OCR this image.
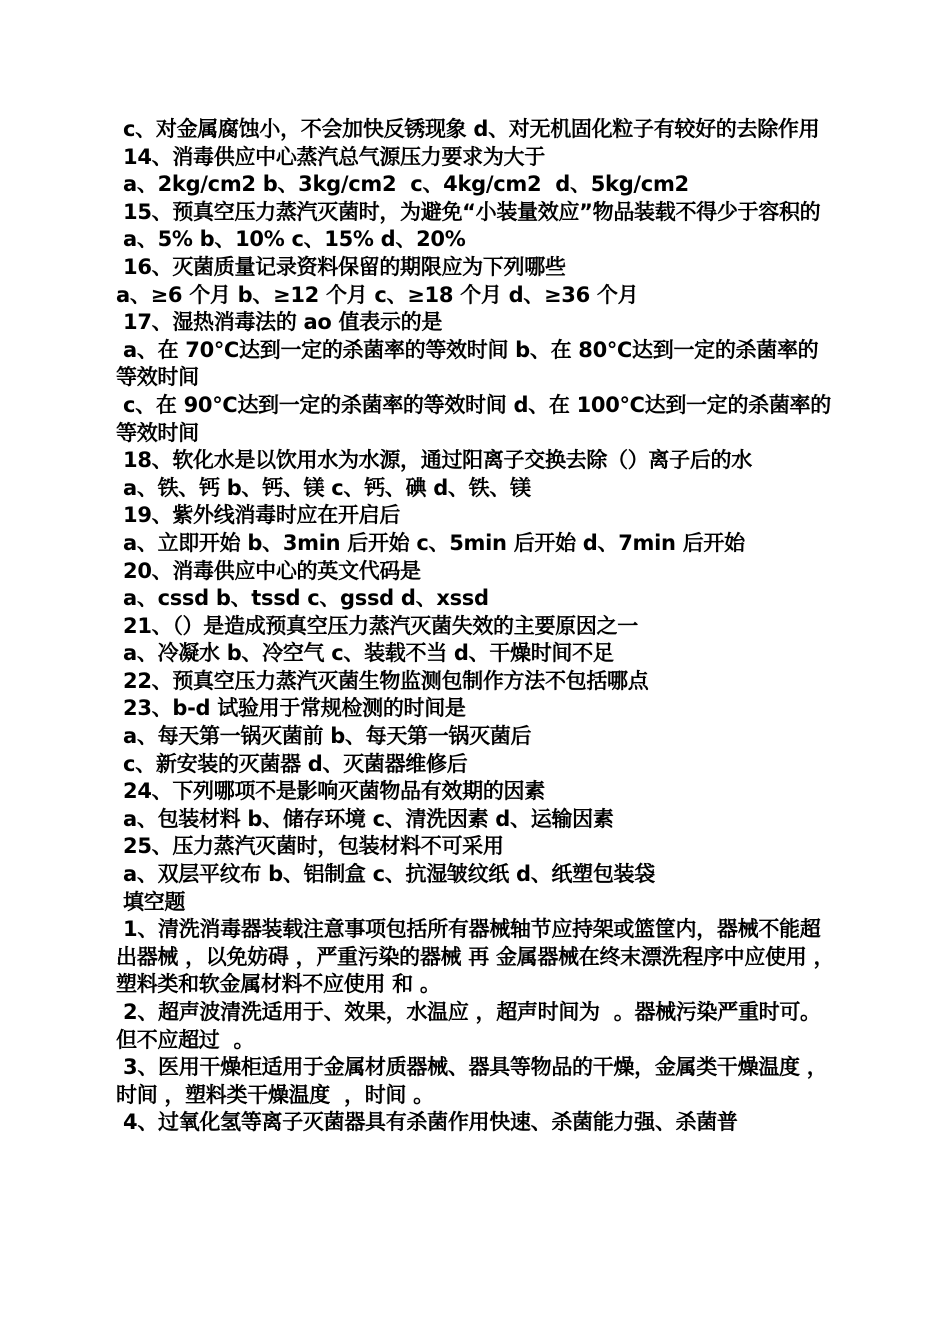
c、对金属腐蚀小，不会加快反锈现象 d、对无机固化粒子有较好的去除作用

14、消毒供应中心蒸汽总气源压力要求为大于

a、2kg/cm2 b、3kg/cm2  c、4kg/cm2  d、5kg/cm2

15、预真空压力蒸汽灭菌时，为避免“小装量效应”物品装载不得少于容积的

a、5% b、10% c、15% d、20%

16、灭菌质量记录资料保留的期限应为下列哪些

a、≥6 个月 b、≥12 个月 c、≥18 个月 d、≥36 个月

17、湿热消毒法的 ao 值表示的是

a、在 70℃达到一定的杀菌率的等效时间 b、在 80℃达到一定的杀菌率的等效时间

c、在 90℃达到一定的杀菌率的等效时间 d、在 100℃达到一定的杀菌率的等效时间

18、软化水是以饮用水为水源，通过阳离子交换去除（）离子后的水

a、铁、钙 b、钙、镁 c、钙、碘 d、铁、镁

19、紫外线消毒时应在开启后

a、立即开始 b、3min 后开始 c、5min 后开始 d、7min 后开始

20、消毒供应中心的英文代码是

a、cssd b、tssd c、gssd d、xssd

21、（）是造成预真空压力蒸汽灭菌失效的主要原因之一

a、冷凝水 b、冷空气 c、装载不当 d、干燥时间不足

22、预真空压力蒸汽灭菌生物监测包制作方法不包括哪点

23、b-d 试验用于常规检测的时间是

a、每天第一锅灭菌前 b、每天第一锅灭菌后

c、新安装的灭菌器 d、灭菌器维修后

24、下列哪项不是影响灭菌物品有效期的因素

a、包装材料 b、储存环境 c、清洗因素 d、运输因素

25、压力蒸汽灭菌时，包装材料不可采用

a、双层平纹布 b、铝制盒 c、抗湿皱纹纸 d、纸塑包装袋

填空题

1、清洗消毒器装载注意事项包括所有器械轴节应持架或篮筐内，器械不能超出器械 ，以免妨碍 ，严重污染的器械 再 金属器械在终末漂洗程序中应使用 ，塑料类和软金属材料不应使用 和 。

2、超声波清洗适用于、效果，水温应 ，超声时间为  。器械污染严重时可。但不应超过  。

3、医用干燥柜适用于金属材质器械、器具等物品的干燥，金属类干燥温度 ，时间 ，塑料类干燥温度  ，时间 。

4、过氧化氢等离子灭菌器具有杀菌作用快速、杀菌能力强、杀菌普
